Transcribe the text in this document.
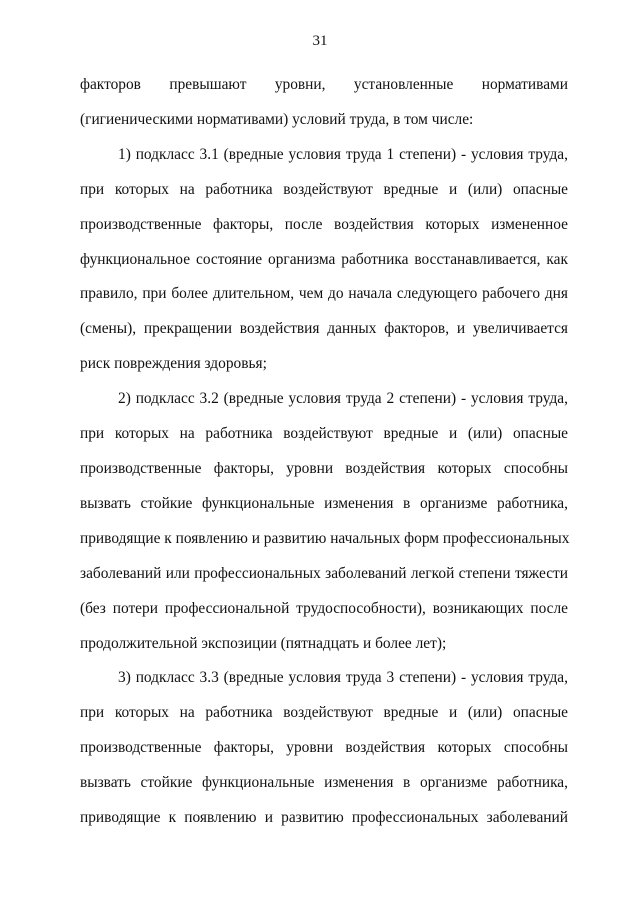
31

факторов превышают уровни, установленные нормативами
(гигиеническими нормативами) условий труда, в том числе:

1) подкласс 3.1 (вредные условия труда 1 степени) - условия труда,
при которых на работника воздействуют вредные и (или) опасные
производственные факторы, после воздействия которых измененное
функциональное состояние организма работника восстанавливается, как
правило, при более длительном, чем до начала следующего рабочего дня
(смены), прекращении воздействия данных факторов, и увеличивается
риск повреждения здоровья;

2) подкласс 3.2 (вредные условия труда 2 степени) - условия труда,
при которых на работника воздействуют вредные и (или) опасные
производственные факторы, уровни воздействия которых способны
вызвать стойкие функциональные изменения в организме работника,
приводящие к появлению и развитию начальных форм профессиональных
заболеваний или профессиональных заболеваний легкой степени тяжести
(без потери профессиональной трудоспособности), возникающих после
продолжительной экспозиции (пятнадцать и более лет);

3) подкласс 3.3 (вредные условия труда 3 степени) - условия труда,
при которых на работника воздействуют вредные и (или) опасные
производственные факторы, уровни воздействия которых способны
вызвать стойкие функциональные изменения в организме работника,
приводящие к появлению и развитию профессиональных заболеваний
